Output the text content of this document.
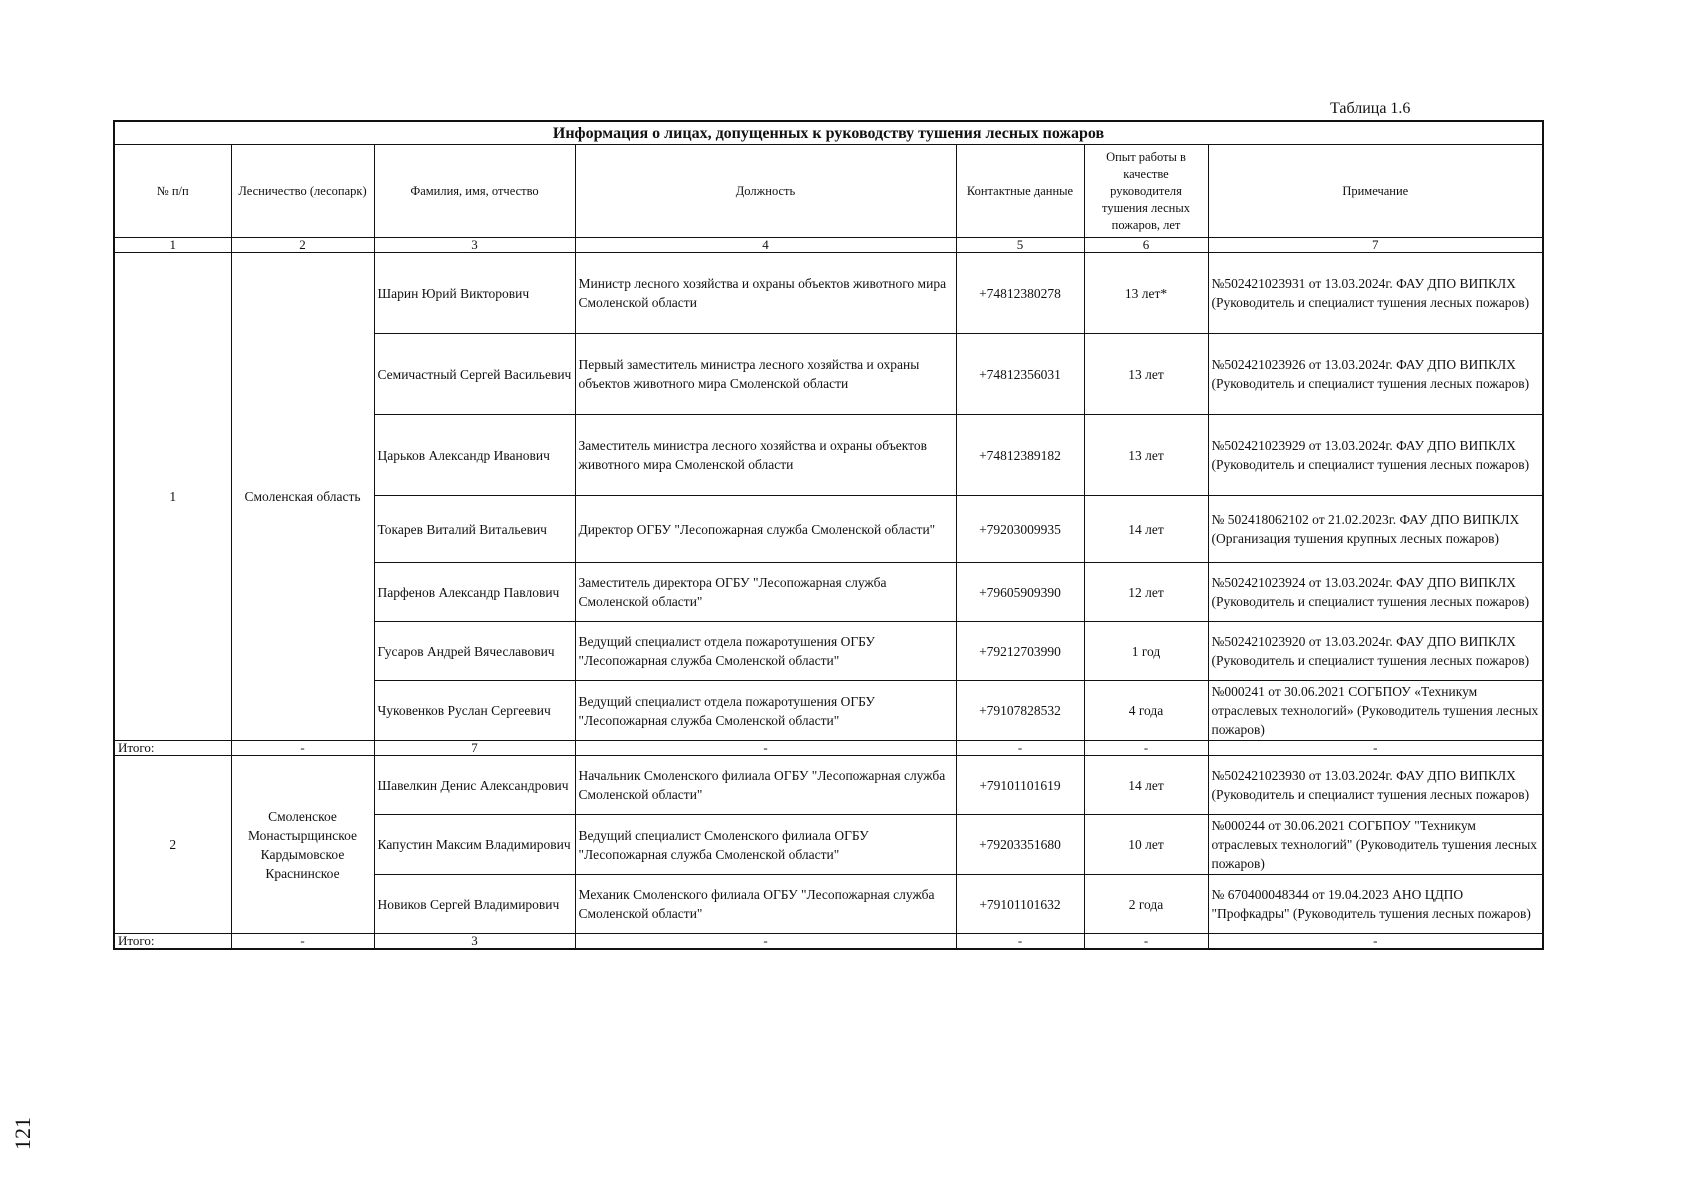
Таблица 1.6
Информация о лицах, допущенных к руководству тушения лесных пожаров						
№ п/п	Лесничество (лесопарк)	Фамилия, имя, отчество	Должность	Контактные данные	Опыт работы в качестве руководителя тушения лесных пожаров, лет	Примечание
1	2	3	4	5	6	7
1	Смоленская область	Шарин Юрий Викторович	Министр лесного хозяйства и охраны объектов животного мира Смоленской области	+74812380278	13 лет*	№502421023931 от 13.03.2024г. ФАУ ДПО ВИПКЛХ (Руководитель и специалист тушения лесных пожаров)
		Семичастный Сергей Васильевич	Первый заместитель министра лесного хозяйства и охраны объектов животного мира Смоленской области	+74812356031	13 лет	№502421023926 от 13.03.2024г. ФАУ ДПО ВИПКЛХ (Руководитель и специалист тушения лесных пожаров)
		Царьков Александр Иванович	Заместитель министра лесного хозяйства и охраны объектов животного мира Смоленской области	+74812389182	13 лет	№502421023929 от 13.03.2024г. ФАУ ДПО ВИПКЛХ (Руководитель и специалист тушения лесных пожаров)
		Токарев Виталий Витальевич	Директор ОГБУ "Лесопожарная служба Смоленской области"	+79203009935	14 лет	№ 502418062102 от 21.02.2023г. ФАУ ДПО ВИПКЛХ (Организация тушения крупных лесных пожаров)
		Парфенов Александр Павлович	Заместитель директора ОГБУ "Лесопожарная служба Смоленской области"	+79605909390	12 лет	№502421023924 от 13.03.2024г. ФАУ ДПО ВИПКЛХ (Руководитель и специалист тушения лесных пожаров)
		Гусаров Андрей Вячеславович	Ведущий специалист отдела пожаротушения ОГБУ "Лесопожарная служба Смоленской области"	+79212703990	1 год	№502421023920 от 13.03.2024г. ФАУ ДПО ВИПКЛХ (Руководитель и специалист тушения лесных пожаров)
		Чуковенков Руслан Сергеевич	Ведущий специалист отдела пожаротушения ОГБУ "Лесопожарная служба Смоленской области"	+79107828532	4 года	№000241 от 30.06.2021 СОГБПОУ «Техникум отраслевых технологий» (Руководитель тушения лесных пожаров)
Итого:	-	7	-	-	-	-
2	Смоленское Монастырщинское Кардымовское Краснинское	Шавелкин Денис Александрович	Начальник Смоленского филиала ОГБУ "Лесопожарная служба Смоленской области"	+79101101619	14 лет	№502421023930 от 13.03.2024г. ФАУ ДПО ВИПКЛХ (Руководитель и специалист тушения лесных пожаров)
		Капустин Максим Владимирович	Ведущий специалист Смоленского филиала ОГБУ "Лесопожарная служба Смоленской области"	+79203351680	10 лет	№000244 от 30.06.2021 СОГБПОУ "Техникум отраслевых технологий" (Руководитель тушения лесных пожаров)
		Новиков Сергей Владимирович	Механик Смоленского филиала ОГБУ "Лесопожарная служба Смоленской области"	+79101101632	2 года	№ 670400048344 от 19.04.2023 АНО ЦДПО "Профкадры" (Руководитель тушения лесных пожаров)
Итого:	-	3	-	-	-	-
121
